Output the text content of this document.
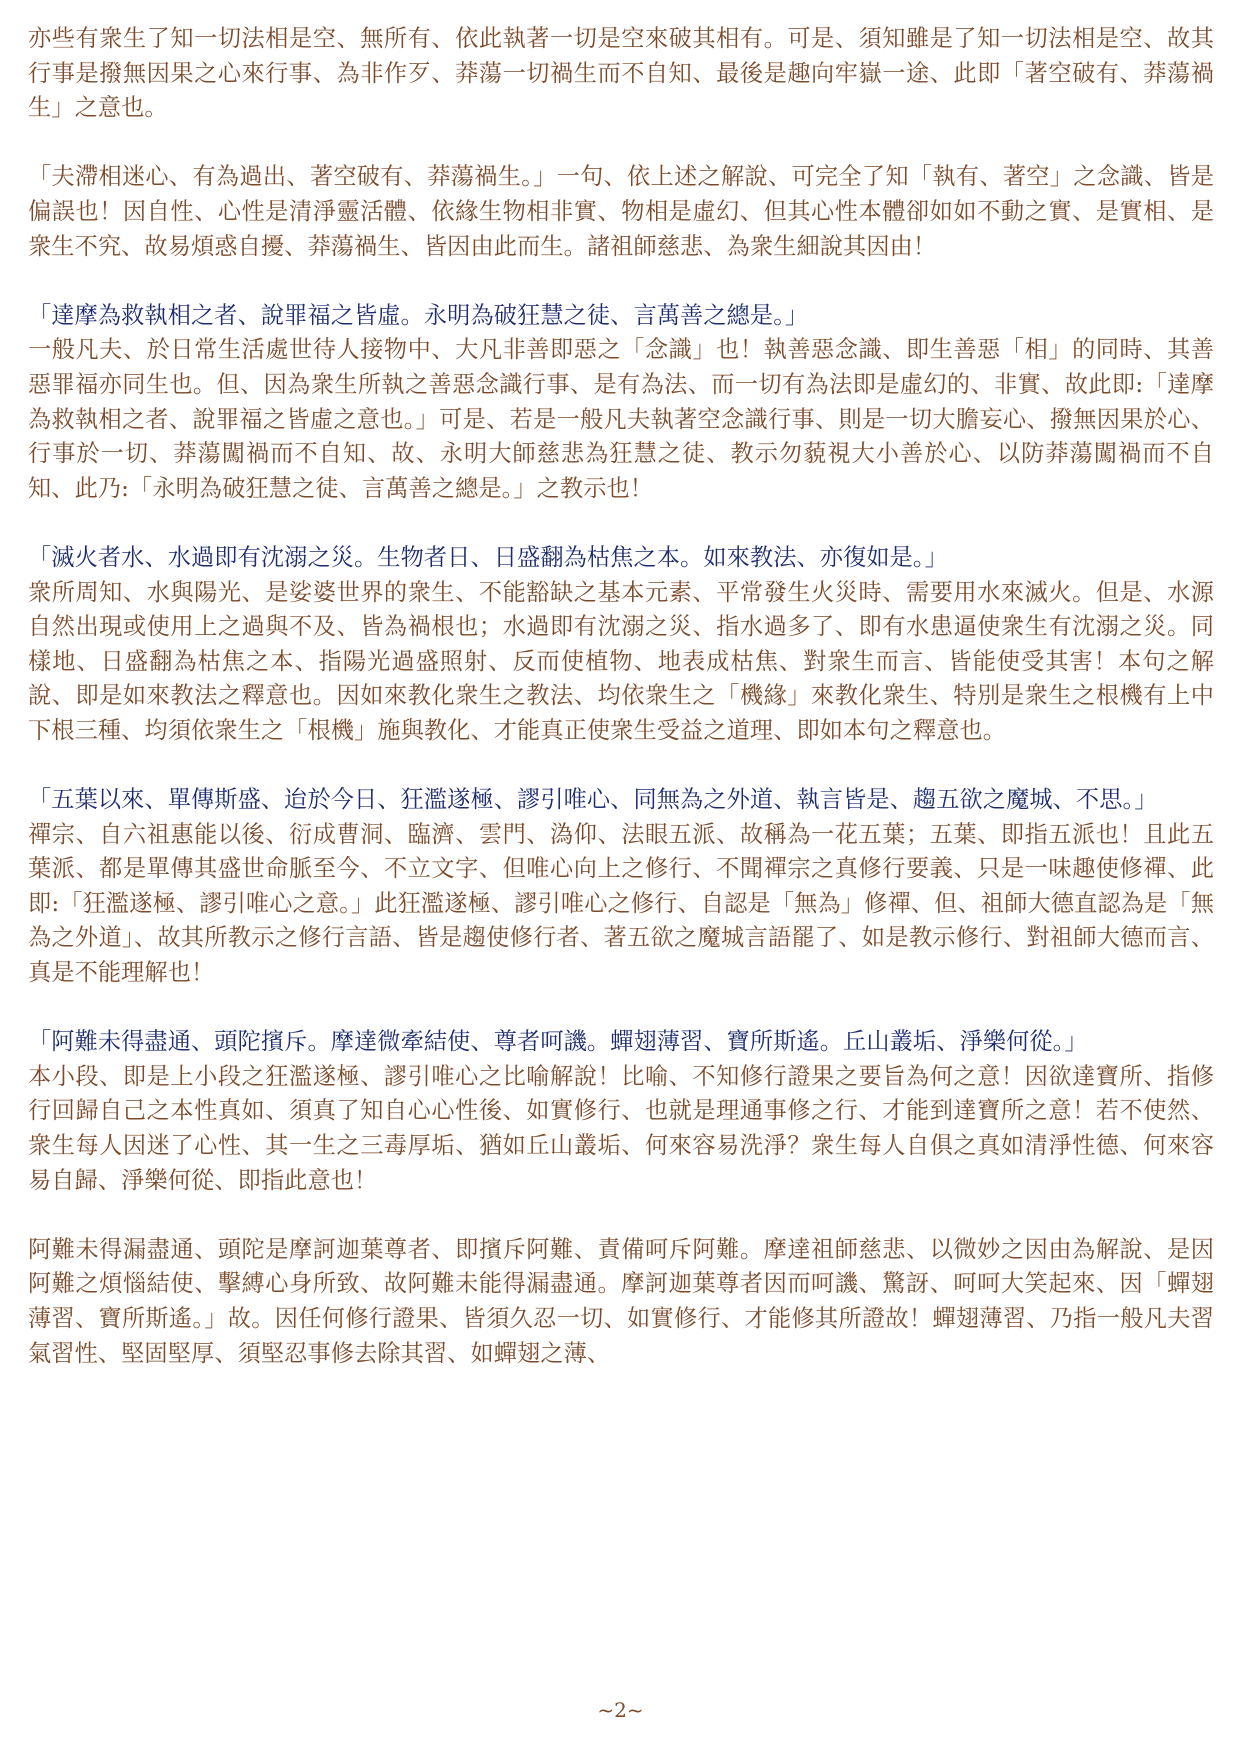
亦些有衆生了知一切法相是空、無所有、依此執著一切是空來破其相有。可是、須知雖是了知一切法相是空、故其行事是撥無因果之心來行事、為非作歹、莽蕩一切禍生而不自知、最後是趣向牢嶽一途、此即「著空破有、莽蕩禍生」之意也。

「夫滯相迷心、有為過出、著空破有、莽蕩禍生。」一句、依上述之解說、可完全了知「執有、著空」之念識、皆是偏誤也！因自性、心性是清淨靈活體、依緣生物相非實、物相是虛幻、但其心性本體卻如如不動之實、是實相、是衆生不究、故易煩惑自擾、莽蕩禍生、皆因由此而生。諸祖師慈悲、為衆生細說其因由！

「達摩為救執相之者、說罪福之皆虛。永明為破狂慧之徒、言萬善之總是。」

一般凡夫、於日常生活處世待人接物中、大凡非善即惡之「念識」也！執善惡念識、即生善惡「相」的同時、其善惡罪福亦同生也。但、因為衆生所執之善惡念識行事、是有為法、而一切有為法即是虛幻的、非實、故此即:「達摩為救執相之者、說罪福之皆虛之意也。」可是、若是一般凡夫執著空念識行事、則是一切大膽妄心、撥無因果於心、行事於一切、莽蕩闖禍而不自知、故、永明大師慈悲為狂慧之徒、教示勿藐視大小善於心、以防莽蕩闖禍而不自知、此乃:「永明為破狂慧之徒、言萬善之總是。」之教示也！

「滅火者水、水過即有沈溺之災。生物者日、日盛翻為枯焦之本。如來教法、亦復如是。」

衆所周知、水與陽光、是娑婆世界的衆生、不能豁缺之基本元素、平常發生火災時、需要用水來滅火。但是、水源自然出現或使用上之過與不及、皆為禍根也；水過即有沈溺之災、指水過多了、即有水患逼使衆生有沈溺之災。同樣地、日盛翻為枯焦之本、指陽光過盛照射、反而使植物、地表成枯焦、對衆生而言、皆能使受其害！本句之解說、即是如來教法之釋意也。因如來教化衆生之教法、均依衆生之「機緣」來教化衆生、特別是衆生之根機有上中下根三種、均須依衆生之「根機」施與教化、才能真正使衆生受益之道理、即如本句之釋意也。

「五葉以來、單傳斯盛、迨於今日、狂濫遂極、謬引唯心、同無為之外道、執言皆是、趨五欲之魔城、不思。」

禪宗、自六祖惠能以後、衍成曹洞、臨濟、雲門、溈仰、法眼五派、故稱為一花五葉；五葉、即指五派也！且此五葉派、都是單傳其盛世命脈至今、不立文字、但唯心向上之修行、不聞禪宗之真修行要義、只是一味趣使修禪、此即:「狂濫遂極、謬引唯心之意。」此狂濫遂極、謬引唯心之修行、自認是「無為」修禪、但、祖師大德直認為是「無為之外道」、故其所教示之修行言語、皆是趨使修行者、著五欲之魔城言語罷了、如是教示修行、對祖師大德而言、真是不能理解也！

「阿難未得盡通、頭陀擯斥。摩達微牽結使、尊者呵譏。蟬翅薄習、寶所斯遙。丘山叢垢、淨樂何從。」

本小段、即是上小段之狂濫遂極、謬引唯心之比喻解說！比喻、不知修行證果之要旨為何之意！因欲達寶所、指修行回歸自己之本性真如、須真了知自心心性後、如實修行、也就是理通事修之行、才能到達寶所之意！若不使然、衆生每人因迷了心性、其一生之三毒厚垢、猶如丘山叢垢、何來容易洗淨？衆生每人自俱之真如清淨性德、何來容易自歸、淨樂何從、即指此意也！

阿難未得漏盡通、頭陀是摩訶迦葉尊者、即擯斥阿難、責備呵斥阿難。摩達祖師慈悲、以微妙之因由為解說、是因阿難之煩惱結使、擊縛心身所致、故阿難未能得漏盡通。摩訶迦葉尊者因而呵譏、驚訝、呵呵大笑起來、因「蟬翅薄習、寶所斯遙。」故。因任何修行證果、皆須久忍一切、如實修行、才能修其所證故！蟬翅薄習、乃指一般凡夫習氣習性、堅固堅厚、須堅忍事修去除其習、如蟬翅之薄、

~2~
